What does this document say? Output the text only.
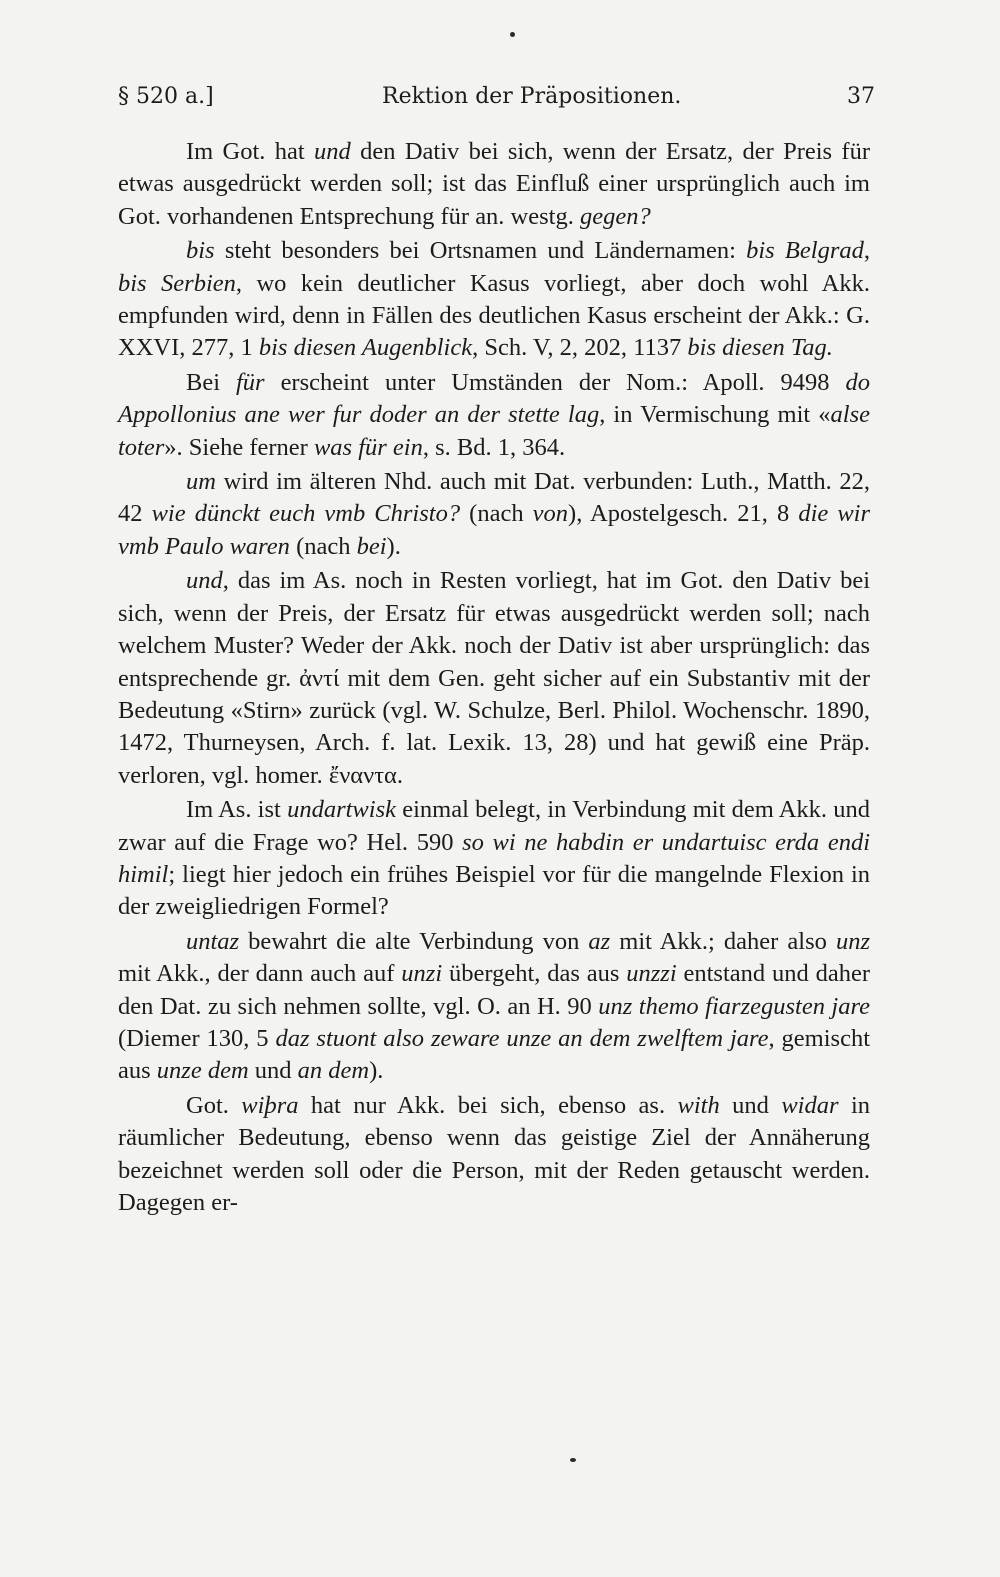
§ 520 a.]	Rektion der Präpositionen.	37

Im Got. hat und den Dativ bei sich, wenn der Ersatz, der Preis für etwas ausgedrückt werden soll; ist das Einfluß einer ursprünglich auch im Got. vorhandenen Entsprechung für an. westg. gegen?

bis steht besonders bei Ortsnamen und Ländernamen: bis Belgrad, bis Serbien, wo kein deutlicher Kasus vorliegt, aber doch wohl Akk. empfunden wird, denn in Fällen des deutlichen Kasus erscheint der Akk.: G. XXVI, 277, 1 bis diesen Augenblick, Sch. V, 2, 202, 1137 bis diesen Tag.

Bei für erscheint unter Umständen der Nom.: Apoll. 9498 do Appollonius ane wer fur doder an der stette lag, in Vermischung mit «alse toter». Siehe ferner was für ein, s. Bd. 1, 364.

um wird im älteren Nhd. auch mit Dat. verbunden: Luth., Matth. 22, 42 wie dünckt euch vmb Christo? (nach von), Apostelgesch. 21, 8 die wir vmb Paulo waren (nach bei).

und, das im As. noch in Resten vorliegt, hat im Got. den Dativ bei sich, wenn der Preis, der Ersatz für etwas ausgedrückt werden soll; nach welchem Muster? Weder der Akk. noch der Dativ ist aber ursprünglich: das entsprechende gr. ἀντί mit dem Gen. geht sicher auf ein Substantiv mit der Bedeutung «Stirn» zurück (vgl. W. Schulze, Berl. Philol. Wochenschr. 1890, 1472, Thurneysen, Arch. f. lat. Lexik. 13, 28) und hat gewiß eine Präp. verloren, vgl. homer. ἔναντα.

Im As. ist undartwisk einmal belegt, in Verbindung mit dem Akk. und zwar auf die Frage wo? Hel. 590 so wi ne habdin er undartuisc erda endi himil; liegt hier jedoch ein frühes Beispiel vor für die mangelnde Flexion in der zweigliedrigen Formel?

untaz bewahrt die alte Verbindung von az mit Akk.; daher also unz mit Akk., der dann auch auf unzi übergeht, das aus unzzi entstand und daher den Dat. zu sich nehmen sollte, vgl. O. an H. 90 unz themo fiarzegusten jare (Diemer 130, 5 daz stuont also zeware unze an dem zwelftem jare, gemischt aus unze dem und an dem).

Got. wiþra hat nur Akk. bei sich, ebenso as. with und widar in räumlicher Bedeutung, ebenso wenn das geistige Ziel der Annäherung bezeichnet werden soll oder die Person, mit der Reden getauscht werden. Dagegen er-
